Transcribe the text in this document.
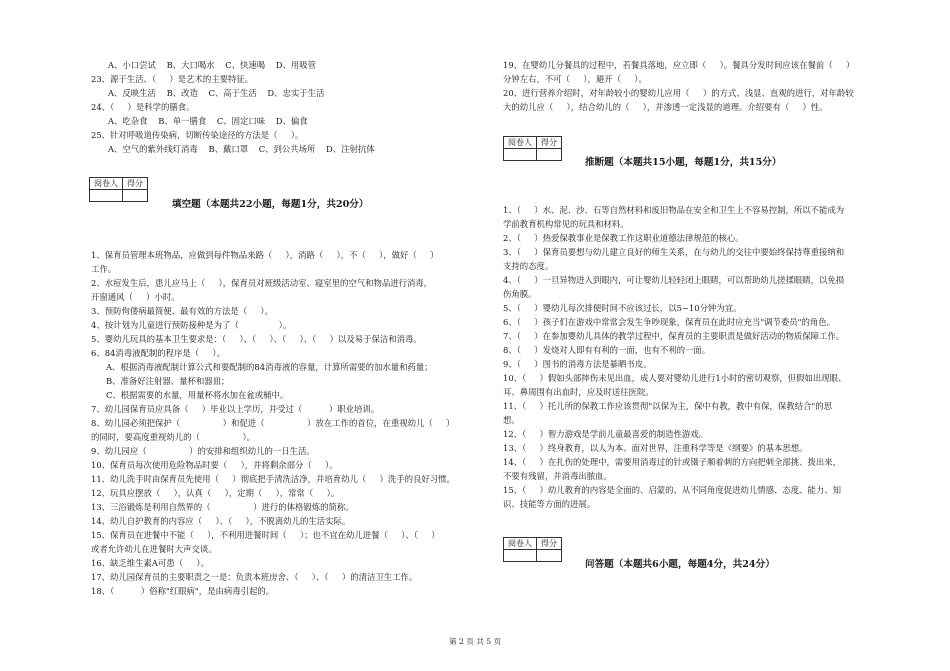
A、小口尝试    B、大口喝水    C、快速喝    D、用吸管
23、源于生活、（     ）是艺术的主要特征。
A、反映生活    B、改造    C、高于生活    D、忠实于生活
24、（     ）是科学的膳食。
A、吃杂食    B、单一膳食    C、固定口味    D、偏食
25、针对呼吸道传染病，切断传染途径的方法是（     ）。
A、空气的紫外线灯消毒    B、戴口罩    C、到公共场所    D、注射抗体
阅卷人	得分

填空题（本题共22小题，每题1分，共20分）
1、保育员管理本班物品，应做到每件物品来路（     ），消路（     ），不（     ），做好（     ）
工作。
2、水痘发生后，患儿应马上（     ），保育员对班级活动室、寝室里的空气和物品进行消毒，
开窗通风（     ）小时。
3、预防佝偻病最简便、最有效的方法是（     ）。
4、按计划为儿童进行预防接种是为了（               ）。
5、婴幼儿玩具的基本卫生要求是：（     ）、（     ）、（     ）、（     ）以及易于保洁和消毒。
6、84消毒液配制的程序是（     ）。
A、根据消毒液配制计算公式和要配制的84消毒液的容量，计算所需要的加水量和药量；
B、准备好注射器、量杯和器皿；
C、根据需要的水量，用量杯将水加在盆或桶中。
7、幼儿园保育员应具备（     ）毕业以上学历，并受过（          ）职业培训。
8、幼儿园必须把保护（                ）和促进（                ）放在工作的首位，在重视幼儿（     ）
的同时，要高度重视幼儿的（                ）。
9、幼儿园应（                ）的安排和组织幼儿的一日生活。
10、保育员每次使用危险物品时要（     ），并将剩余部分（     ）。
11、幼儿洗手时由保育员先使用（     ）彻底把手清洗洁净，并培育幼儿（     ）洗手的良好习惯。
12、玩具应摆放（     ），认真（     ），定期（     ），常常（     ）。
13、三浴锻炼是利用自然界的（                ）进行的体格锻炼的简称。
14、幼儿自护教育的内容应（     ）、（     ），不脱离幼儿的生活实际。
15、保育员在进餐中不能（     ），不利用进餐时间（     ）；也不宜在幼儿进餐（     ）、（     ）
或者允许幼儿在进餐时大声交谈。
16、缺乏维生素A可患（     ）。
17、幼儿园保育员的主要职责之一是：负责本班房舍、（     ）、（     ）的清洁卫生工作。
18、（          ）俗称"红眼病"，是由病毒引起的。
19、在婴幼儿分餐具的过程中，若餐具落地，应立即（     ）。餐具分发时间应该在餐前（     ）
分钟左右，不可（     ），避开（     ）。
20、进行营养介绍时，对年龄较小的婴幼儿应用（     ）的方式、浅显、直观的进行，对年龄较
大的幼儿应（     ），结合幼儿的（     ），并渗透一定浅显的道理。介绍要有（     ）性。
阅卷人	得分

推断题（本题共15小题，每题1分，共15分）
1、（     ）水、泥、沙、石等自然材料和废旧物品在安全和卫生上不容易控制，所以不能成为
学前教育机构常见的玩具和材料。
2、（     ）热爱保教事业是保教工作这职业道德法律规范的核心。
3、（     ）保育员要想与幼儿建立良好的师生关系，在与幼儿的交往中要始终保持尊重接纳和
支持的态度。
4、（     ）一旦异物进入到眼内，可让婴幼儿轻轻闭上眼睛，可以帮助幼儿搓揉眼睛，以免损
伤角膜。
5、（     ）婴幼儿每次排便时间不应该过长，以5~10分钟为宜。
6、（     ）孩子们在游戏中常常会发生争吵现象，保育员在此时应充当"调节委员"的角色。
7、（     ）在参加婴幼儿具体的教学过程中，保育员的主要职责是做好活动的物质保障工作。
8、（     ）发烧对人即有有利的一面，也有不利的一面。
9、（     ）图书的消毒方法是暴晒书皮。
10、（     ）假如头部摔伤未见出血，成人要对婴幼儿进行1小时的密切观察，但假如出现眼、
耳、鼻周围有出血时，应及时送往医院。
11、（     ）托儿所的保教工作应该贯彻"以保为主，保中有教，教中有保，保教结合"的思
想。
12、（     ）智力游戏是学前儿童最喜爱的制造性游戏。
13、（     ）终身教育，以人为本、面对世界，注重科学等是《纲要》的基本思想。
14、（     ）在扎伤的处理中，需要用消毒过的针或镊子顺着刺的方向把刺全部挑、拨出来，
不要有残留，并消毒出脓血。
15、（     ）幼儿教育的内容是全面的、启蒙的、从不同角度促进幼儿情感、态度、能力、知
识、技能等方面的进展。
阅卷人	得分

问答题（本题共6小题，每题4分，共24分）
第 2 页 共 5 页
